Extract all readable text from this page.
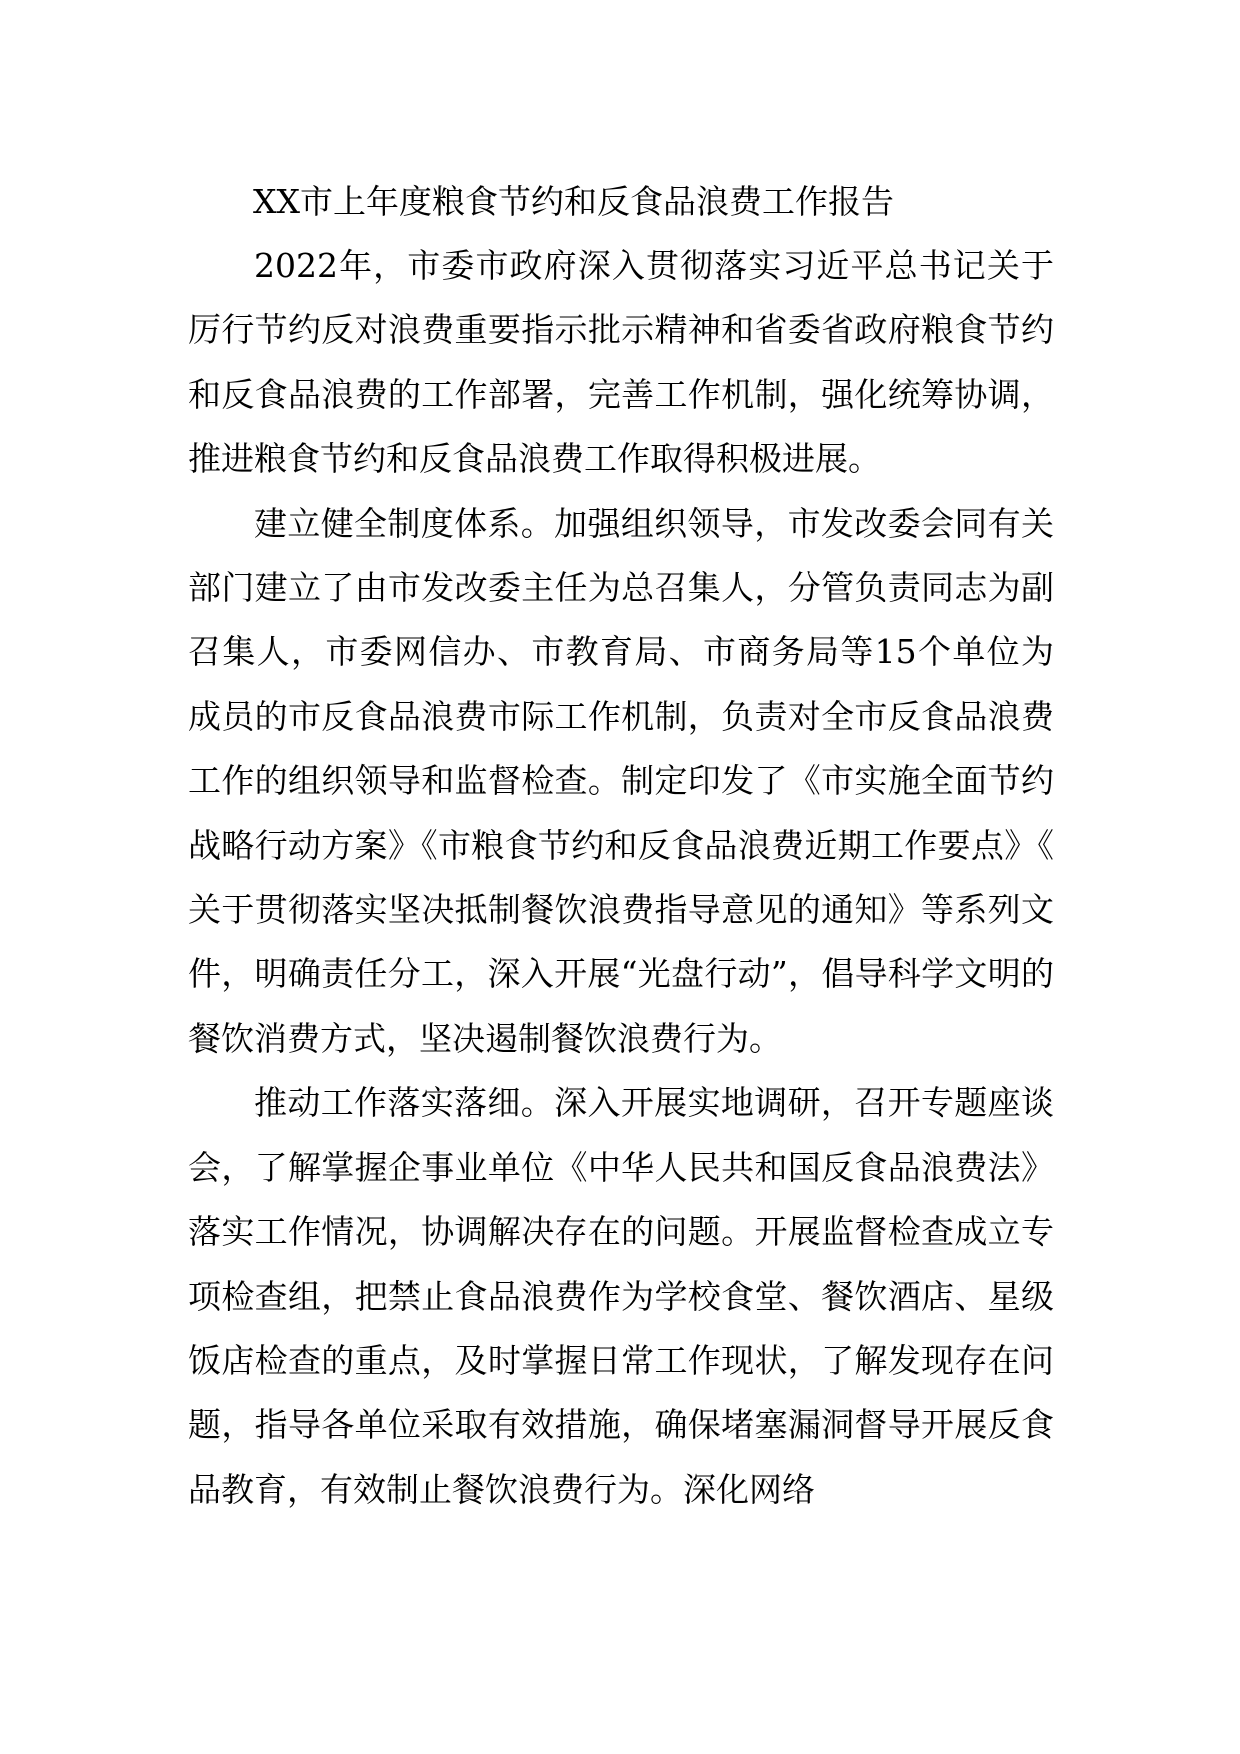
XX市上年度粮食节约和反食品浪费工作报告

2022年，市委市政府深入贯彻落实习近平总书记关于厉行节约反对浪费重要指示批示精神和省委省政府粮食节约和反食品浪费的工作部署，完善工作机制，强化统筹协调，推进粮食节约和反食品浪费工作取得积极进展。

建立健全制度体系。加强组织领导，市发改委会同有关部门建立了由市发改委主任为总召集人，分管负责同志为副召集人，市委网信办、市教育局、市商务局等15个单位为成员的市反食品浪费市际工作机制，负责对全市反食品浪费工作的组织领导和监督检查。制定印发了《市实施全面节约战略行动方案》《市粮食节约和反食品浪费近期工作要点》《关于贯彻落实坚决抵制餐饮浪费指导意见的通知》等系列文件，明确责任分工，深入开展“光盘行动”，倡导科学文明的餐饮消费方式，坚决遏制餐饮浪费行为。

推动工作落实落细。深入开展实地调研，召开专题座谈会，了解掌握企事业单位《中华人民共和国反食品浪费法》落实工作情况，协调解决存在的问题。开展监督检查成立专项检查组，把禁止食品浪费作为学校食堂、餐饮酒店、星级饭店检查的重点，及时掌握日常工作现状，了解发现存在问题，指导各单位采取有效措施，确保堵塞漏洞督导开展反食品教育，有效制止餐饮浪费行为。深化网络
